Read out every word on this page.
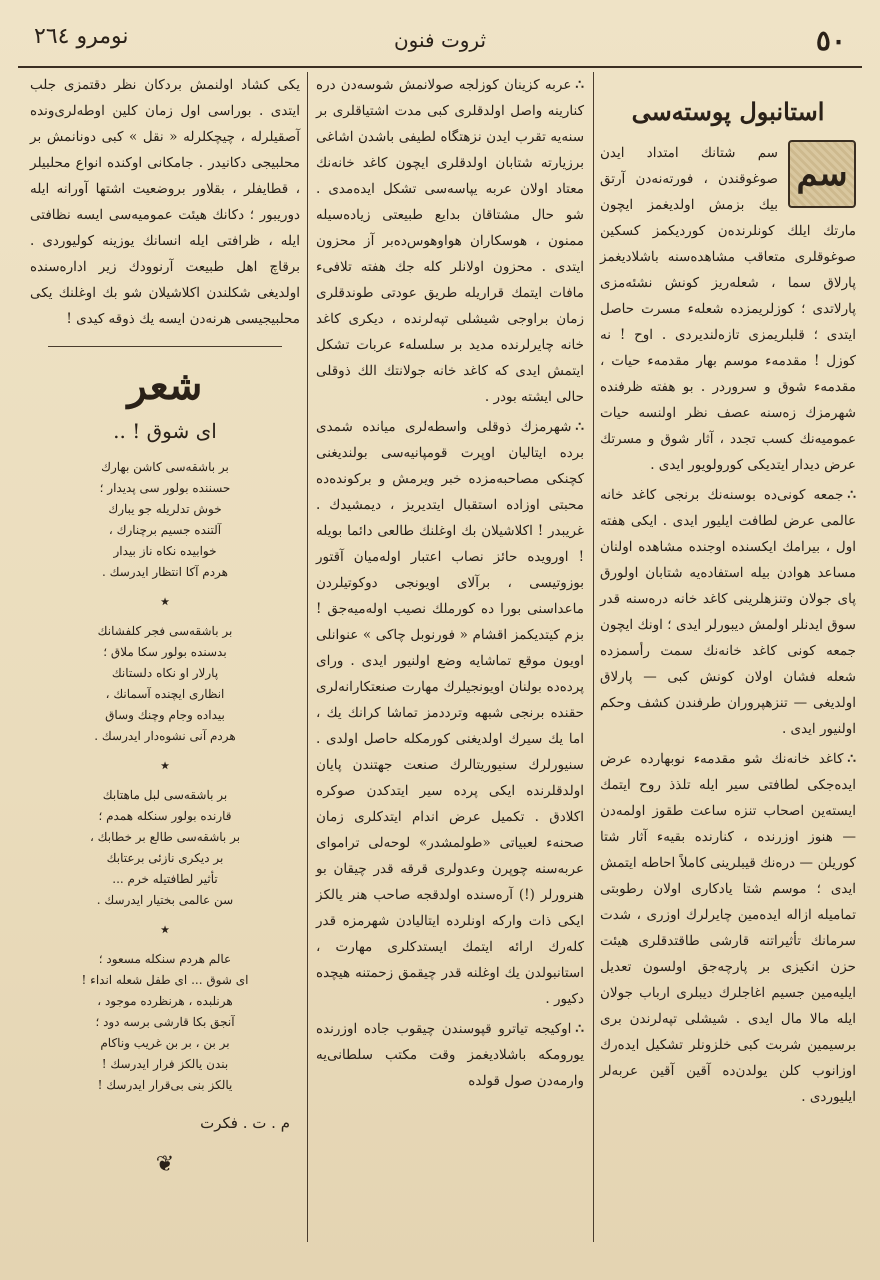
٥٠
ثروت فنون
نومرو ٢٦٤
استانبول پوسته‌سی
سم

سم شتانك امتداد ايدن صوغوقندن ، فورته‌نه‌دن آرتق بيك بزمش اولديغمز ايچون مارتك ايلك كونلرنده‌ن كورديكمز كسكين صوغوقلری متعاقب مشاهده‌سنه باشلاديغمز پارلاق سما ، شعله‌ريز كونش نشئه‌مزی پارلاتدی ؛ كوزلريمزده شعله‌ء مسرت حاصل ايتدی ؛ قلبلريمزی تازه‌لنديردی . اوح ! نه كوزل ! مقدمهء موسم بهار مقدمهء حيات ، مقدمهء شوق و سروردر . بو هفته ظرفنده شهرمزك زه‌سنه عصف نظر اولنسه حيات عموميه‌نك كسب تجدد ، آثار شوق و مسرتك عرض ديدار ايتديكی كورولويور ايدی .

∴جمعه كونی‌ده بوسنه‌نك برنجی كاغد خانه عالمی عرض لطافت ايليور ايدی . ايكی هفته اول ، بيرامك ايكسنده اوجنده مشاهده اولنان مساعد هوادن بيله استفاده‌يه شتابان اولورق پای جولان وتنزهلرينی كاغد خانه دره‌سنه قدر سوق ايدنلر اولمش ديبورلر ايدی ؛ اونك ايچون جمعه كونی كاغد خانه‌نك سمت رأسمزده شعله فشان اولان كونش كبی — پارلاق اولديغی — تنزهپروران طرفندن كشف وحكم اولنيور ايدی .

∴كاغد خانه‌نك شو مقدمهء نوبهارده عرض ايده‌جكی لطافتی سير ايله تلذذ روح ايتمك ايسته‌ين اصحاب تنزه ساعت طقوز اولمه‌دن — هنوز اوزرنده ، كنارنده بقيهء آثار شتا كوريلن — دره‌نك قيبلرينی كاملاً احاطه ايتمش ايدی ؛ موسم شتا يادكاری اولان رطوبتی تماميله ازاله ايده‌مين چايرلرك اوزری ، شدت سرمانك تأثيراتنه قارشی طاقتدقلری هيئت حزن انكيزی بر پارچه‌جق اولسون تعديل ايليه‌مين جسيم اغاجلرك ديبلری ارباب جولان ايله مالا مال ايدی . شيشلی تپه‌لرندن بری برسيمين شربت كبی خلزونلر تشكيل ايده‌رك اوزانوب كلن يولدن‌ده آقين آقين عربه‌لر ايليوردی .

∴عربه كزينان كوزلجه صولانمش شوسه‌دن دره كنارينه واصل اولدقلری كبی مدت اشتياقلری بر سنه‌يه تقرب ايدن نزهتگاه لطيفی باشدن اشاغی برزيارته شتابان اولدقلری ايچون كاغد خانه‌نك معتاد اولان عربه يپاسه‌سی تشكل ايده‌مدی . شو حال مشتاقان بدايع طبيعتی زياده‌سيله ممنون ، هوسكاران هواوهوس‌ده‌بر آز محزون ايتدی . محزون اولانلر كله جك هفته تلافیء مافات ايتمك قراريله طريق عودتی طوندقلری زمان براوجی شيشلی تپه‌لرنده ، ديكری كاغد خانه چايرلرنده مديد بر سلسلهء عربات تشكل ايتمش ايدی كه كاغد خانه جولانتك الك ذوقلی حالی ايشته بودر .

∴شهرمزك ذوقلی واسطه‌لری ميانده شمدی برده ايتاليان اوپرت قومپانيه‌سی بولنديغنی كچنكی مصاحبه‌مزده خبر ويرمش و بركونده‌ده محبتی اوزاده استقبال ايتديريز ، ديمشيدك . غريبدر ! اكلاشيلان بك اوغلنك طالعی دائما بويله ! اورويده حائز نصاب اعتبار اوله‌ميان آقتور بوزوتيسی ، برآلای اويونجی دوكوتيلردن ماعداسنی بورا ده كورملك نصيب اوله‌ميه‌جق ! بزم كيتديكمز اقشام « فورنوبل چاكی » عنوانلی اويون موقع تماشايه وضع اولنيور ايدی . وراى پرده‌ده بولنان اويونجيلرك مهارت صنعتكارانه‌لری حقنده برنجی شبهه وترددمز تماشا كرانك يك ، اما يك سيرك اولديغنی كورمكله حاصل اولدی . سنيورلرك سنيوريتالرك صنعت جهتندن پايان اولدقلرنده ايكی پرده سير ايتدكدن صوكره اكلادق . تكميل عرض اندام ايتدكلری زمان صحنهء لعبياتی «طولمشدر» لوحه‌لی ترامواى عربه‌سنه چوپرن وعدولری قرقه قدر چيقان بو هنرورلر (!) آره‌سنده اولدقجه صاحب هنر يالكز ايكی ذات واركه اونلرده ايتاليادن شهرمزه قدر كله‌رك ارائه ايتمك ايستدكلری مهارت ، استانبولدن يك اوغلنه قدر چيقمق زحمتنه هيچده دكيور .

∴اوكيجه تياترو قپوسندن چيقوب جاده اوزرنده يورومكه باشلاديغمز وقت مكتب سلطانی‌يه وارمه‌دن صول قولده

يكی كشاد اولنمش بردكان نظر دقتمزی جلب ايتدی . بوراسی اول زمان كلين اوطه‌لری‌ونده آصقيلرله ، چيچكلرله « نقل » كبی دونانمش بر محلبيجی دكانيدر . جامكانی اوكنده انواع محلبيلر ، قطايفلر ، بقلاور بروضعيت اشتها آورانه ايله دوريبور ؛ دكانك هيئت عموميه‌سی ايسه نظافتی ايله ، ظرافتی ايله انسانك يوزينه كوليوردی . برقاچ اهل طبيعت آرنوودك زير اداره‌سنده اولديغی شكلندن اكلاشيلان شو بك اوغلنك يكی محلبيجيسی هرنه‌دن ايسه يك ذوقه كيدی !

شعر
ای شوق ! ..
بر باشقه‌سی كاشن بهارك
حسننده بولور سی پديدار ؛
خوش تدلريله جو يبارك
آلتنده جسيم برچنارك ،
خوابيده نكاه ناز بيدار
هردم آكا انتظار ايدرسك .
٭
بر باشقه‌سی فجر كلفشانك
بدسنده بولور سكا ملاق ؛
پارلار او نكاه دلستانك
انظاری ايچنده آسمانك ،
بيداده وجام وچنك وساق
هردم آنی نشوه‌دار ايدرسك .
٭
بر باشقه‌سی لبل ماهتابك
قارنده بولور سنكله همدم ؛
بر باشقه‌سی طالع بر خطابك ،
بر ديكری نازئی برعتابك
تأثير لطافتيله خرم ...
سن عالمی بختيار ايدرسك .
٭
عالم هردم سنكله مسعود ؛
ای شوق ... ای طفل شعله انداء !
هرنلبده ، هرنظرده موجود ،
آنجق بكا قارشی برسه دود ؛
بر بن ، بر بن غريب وناكام
بندن يالكز فرار ايدرسك !
يالكز بنی بی‌قرار ايدرسك !
م . ت . فكرت
❦
